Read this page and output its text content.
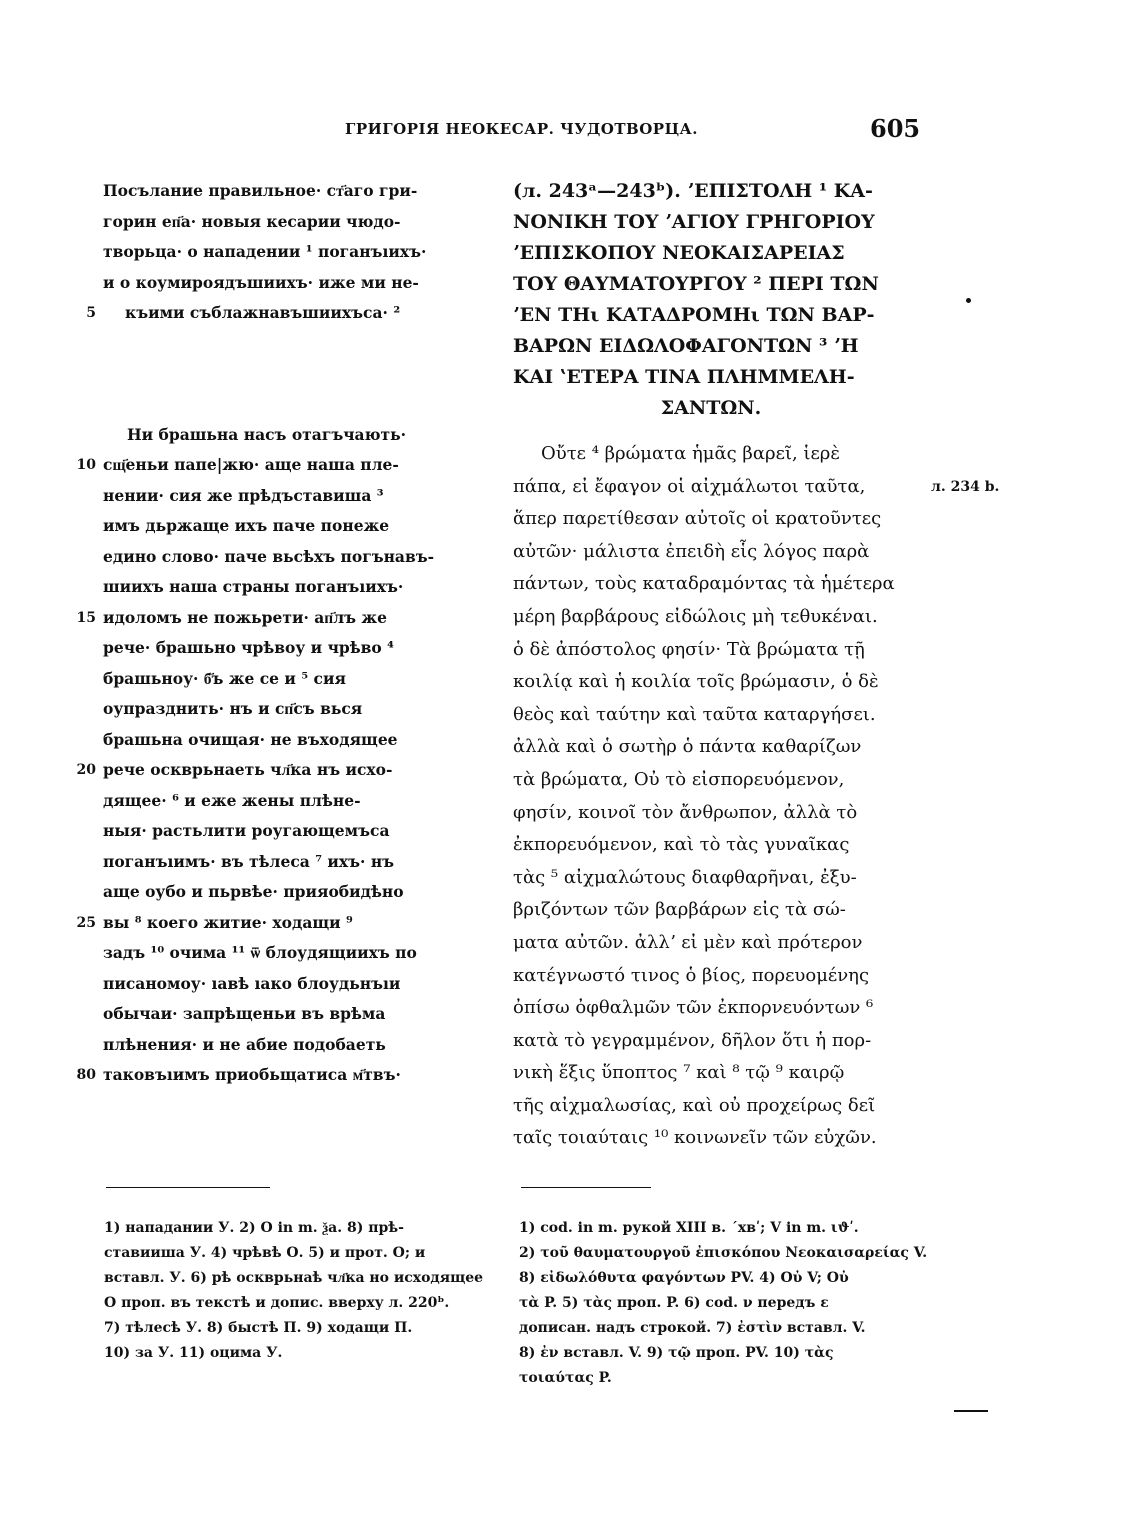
ГРИГОРІЯ НЕОКЕСАР. ЧУДОТВОРЦА.	605
Посълание правильное· ст҃аго гри-
горин еп҃а· новыя кесарии чюдо-
творьца· о нападении ¹ поганъıихъ·
и о коумироядъшиихъ· иже ми не-
5 къими съблажнавъшиихъса· ²
Ни брашьна насъ отагъчають·
10 сщ҃еньи папе|жю· аще наша пле-
нении· сия же прѣдъставиша ³
имъ дьржаще ихъ паче понеже
едино слово· паче вьсѣхъ погънавъ-
шиихъ наша страны поганъıихъ·
15 идоломъ не пожьрети· ап҃лъ же
рече· брашьно чрѣвоу и чрѣво ⁴
брашьноу· б҃ъ же се и ⁵ сия
оупразднить· нъ и сп҃съ вься
брашьна очищая· не въходящее
20 рече оскврьнаеть чл҃ка нъ исхо-
дящее· ⁶ и еже жены плѣне-
ныя· растьлити роугающемъса
поганъıимъ· въ тѣлеса ⁷ ихъ· нъ
аще оубо и пьрвѣе· прияобидѣно
25 вы ⁸ коего житие· ходащи ⁹
задъ ¹⁰ очима ¹¹ ѿ блоудящиихъ по
писаномоу· ıавѣ ıако блоудьнъıи
обычаи· запрѣщеньи въ врѣма
плѣнения· и не абие подобаеть
80 таковъıимъ приобьщатиса м҃твъ·
(л. 243ᵃ—243ᵇ). ʼΕΠΙΣΤΟΛΗ ¹ ΚΑ-
ΝΟΝΙΚΗ ΤΟΥ ʼΑΓΙΟΥ ΓΡΗΓΟΡΙΟΥ
ʼΕΠΙΣΚΟΠΟΥ ΝΕΟΚΑΙΣΑΡΕΙΑΣ
ΤΟΥ ΘΑΥΜΑΤΟΥΡΓΟΥ ² ΠΕΡΙ ΤΩΝ
ʼΕΝ ΤΗι ΚΑΤΑΔΡΟΜΗι ΤΩΝ ΒΑΡ-
ΒΑΡΩΝ ΕΙΔΩΛΟΦΑΓΟΝΤΩΝ ³ ʼΗ
ΚΑΙ ʽΕΤΕΡΑ ΤΙΝΑ ΠΛΗΜΜΕΛΗ-
ΣΑΝΤΩΝ.
Οὔτε ⁴ βρώματα ἡμᾶς βαρεῖ, ἱερὲ
πάπα, εἰ ἔφαγον οἱ αἰχμάλωτοι ταῦτα,	л. 234 b.
ἅπερ παρετίθεσαν αὐτοῖς οἱ κρατοῦντες
αὐτῶν· μάλιστα ἐπειδὴ εἷς λόγος παρὰ
πάντων, τοὺς καταδραμόντας τὰ ἡμέτερα
μέρη βαρβάρους εἰδώλοις μὴ τεθυκέναι.
ὁ δὲ ἀπόστολος φησίν· Τὰ βρώματα τῇ
κοιλίᾳ καὶ ἡ κοιλία τοῖς βρώμασιν, ὁ δὲ
θεὸς καὶ ταύτην καὶ ταῦτα καταργήσει.
ἀλλὰ καὶ ὁ σωτὴρ ὁ πάντα καθαρίζων
τὰ βρώματα, Οὐ τὸ εἰσπορευόμενον,
φησίν, κοινοῖ τὸν ἄνθρωπον, ἀλλὰ τὸ
ἐκπορευόμενον, καὶ τὸ τὰς γυναῖκας
τὰς ⁵ αἰχμαλώτους διαφθαρῆναι, ἐξυ-
βριζόντων τῶν βαρβάρων εἰς τὰ σώ-
ματα αὐτῶν. ἀλλʼ εἰ μὲν καὶ πρότερον
κατέγνωστό τινος ὁ βίος, πορευομένης
ὀπίσω ὀφθαλμῶν τῶν ἐκπορνευόντων ⁶
κατὰ τὸ γεγραμμένον, δῆλον ὅτι ἡ πορ-
νικὴ ἕξις ὕποπτος ⁷ καὶ ⁸ τῷ ⁹ καιρῷ
τῆς αἰχμαλωσίας, καὶ οὐ προχείρως δεῖ
ταῖς τοιαύταις ¹⁰ κοινωνεῖν τῶν εὐχῶν.
1) нападании У. 2) О in m. ѯа. 8) прѣ-
ставииша У. 4) чрѣвѣ О. 5) и прот. О; и
вставл. У. 6) рѣ оскврьнаѣ чл҃ка но исходящее
О проп. въ текстѣ и допис. вверху л. 220ᵇ.
7) тѣлесѣ У. 8) быстѣ П. 9) ходащи П.
10) за У. 11) оцима У.
1) cod. in m. рукой XIII в. ˊхвʹ; V in m. ιϑʹ.
2) τοῦ θαυματουργοῦ ἐπισκόπου Νεοκαισαρείας V.
8) εἰδωλόθυτα φαγόντων PV. 4) Οὐ V; Οὐ
τὰ P. 5) τὰς проп. P. 6) cod. ν передъ ε
дописан. надъ строкой. 7) ἐστὶν вставл. V.
8) ἐν вставл. V. 9) τῷ проп. PV. 10) τὰς
τοιαύτας P.
